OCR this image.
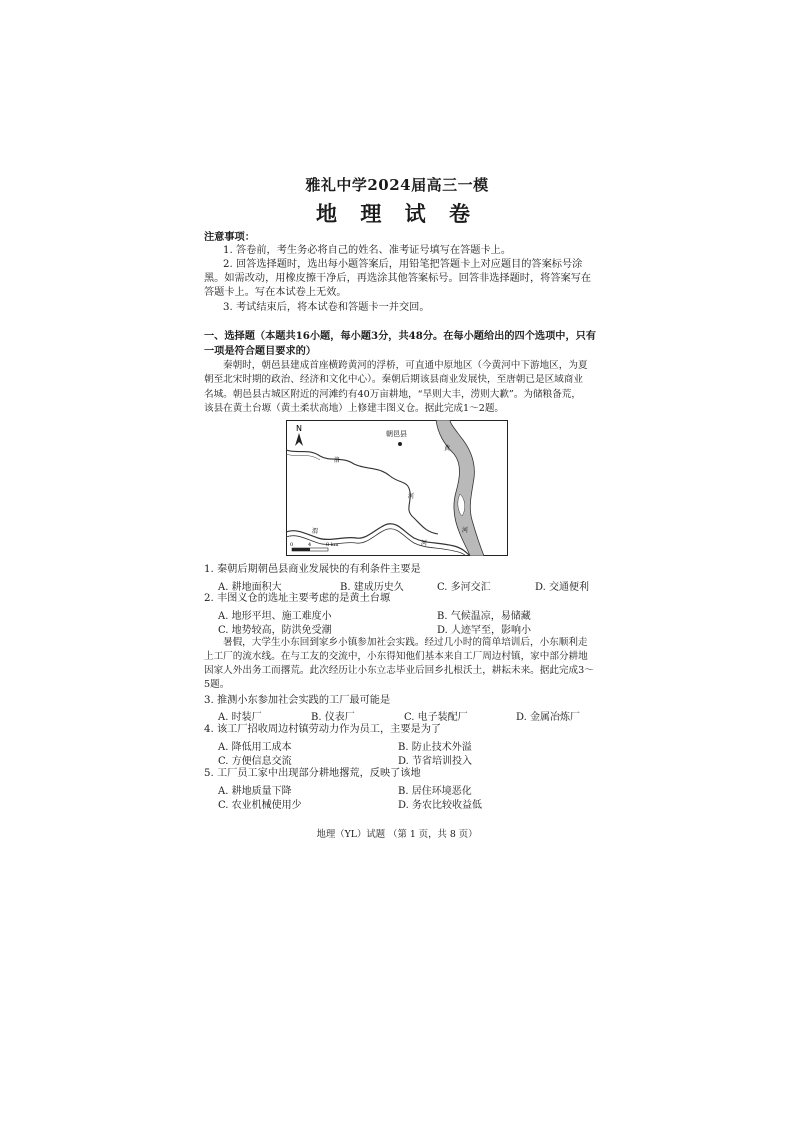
雅礼中学2024届高三一模
地 理 试 卷
注意事项：
1. 答卷前，考生务必将自己的姓名、准考证号填写在答题卡上。
2. 回答选择题时，选出每小题答案后，用铅笔把答题卡上对应题目的答案标号涂
黑。如需改动，用橡皮擦干净后，再选涂其他答案标号。回答非选择题时，将答案写在
答题卡上。写在本试卷上无效。
3. 考试结束后，将本试卷和答题卡一并交回。
一、选择题（本题共16小题，每小题3分，共48分。在每小题给出的四个选项中，只有
一项是符合题目要求的）
秦朝时，朝邑县建成首座横跨黄河的浮桥，可直通中原地区（今黄河中下游地区，为夏
朝至北宋时期的政治、经济和文化中心）。秦朝后期该县商业发展快，至唐朝已是区域商业
名城。朝邑县古城区附近的河滩约有40万亩耕地，“旱则大丰，涝则大歉”。为储粮备荒，
该县在黄土台塬（黄土柔状高地）上修建丰图义仓。据此完成1～2题。
N
朝邑县
洛
河
渭
河
黄
河
0	4	8 km
1. 秦朝后期朝邑县商业发展快的有利条件主要是
A. 耕地面积大	B. 建成历史久	C. 多河交汇	D. 交通便利
2. 丰图义仓的选址主要考虑的是黄土台塬
A. 地形平坦、施工难度小	B. 气候温凉，易储藏
C. 地势较高，防洪免受潮	D. 人迹罕至，影响小
暑假，大学生小东回到家乡小镇参加社会实践。经过几小时的简单培训后，小东顺利走
上工厂的流水线。在与工友的交流中，小东得知他们基本来自工厂周边村镇，家中部分耕地
因家人外出务工而撂荒。此次经历让小东立志毕业后回乡扎根沃土，耕耘未来。据此完成3～
5题。
3. 推测小东参加社会实践的工厂最可能是
A. 时装厂	B. 仪表厂	C. 电子装配厂	D. 金属冶炼厂
4. 该工厂招收周边村镇劳动力作为员工，主要是为了
A. 降低用工成本	B. 防止技术外溢
C. 方便信息交流	D. 节省培训投入
5. 工厂员工家中出现部分耕地撂荒，反映了该地
A. 耕地质量下降	B. 居住环境恶化
C. 农业机械使用少	D. 务农比较收益低
地理（YL）试题 （第 1 页，共 8 页）
